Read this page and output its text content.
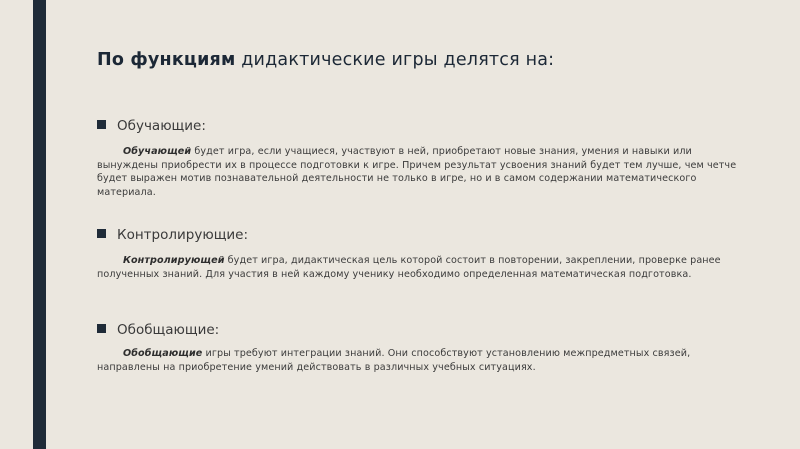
По функциям дидактические игры делятся на:
Обучающие:
Обучающей будет игра, если учащиеся, участвуют в ней, приобретают новые знания, умения и навыки или вынуждены приобрести их в процессе подготовки к игре. Причем результат усвоения знаний будет тем лучше, чем четче будет выражен мотив познавательной деятельности не только в игре, но и в самом содержании математического материала.
Контролирующие:
Контролирующей будет игра, дидактическая цель которой состоит в повторении, закреплении, проверке ранее полученных знаний. Для участия в ней каждому ученику необходимо определенная математическая подготовка.
Обобщающие:
Обобщающие игры требуют интеграции знаний. Они способствуют установлению межпредметных связей, направлены на приобретение умений действовать в различных учебных ситуациях.
